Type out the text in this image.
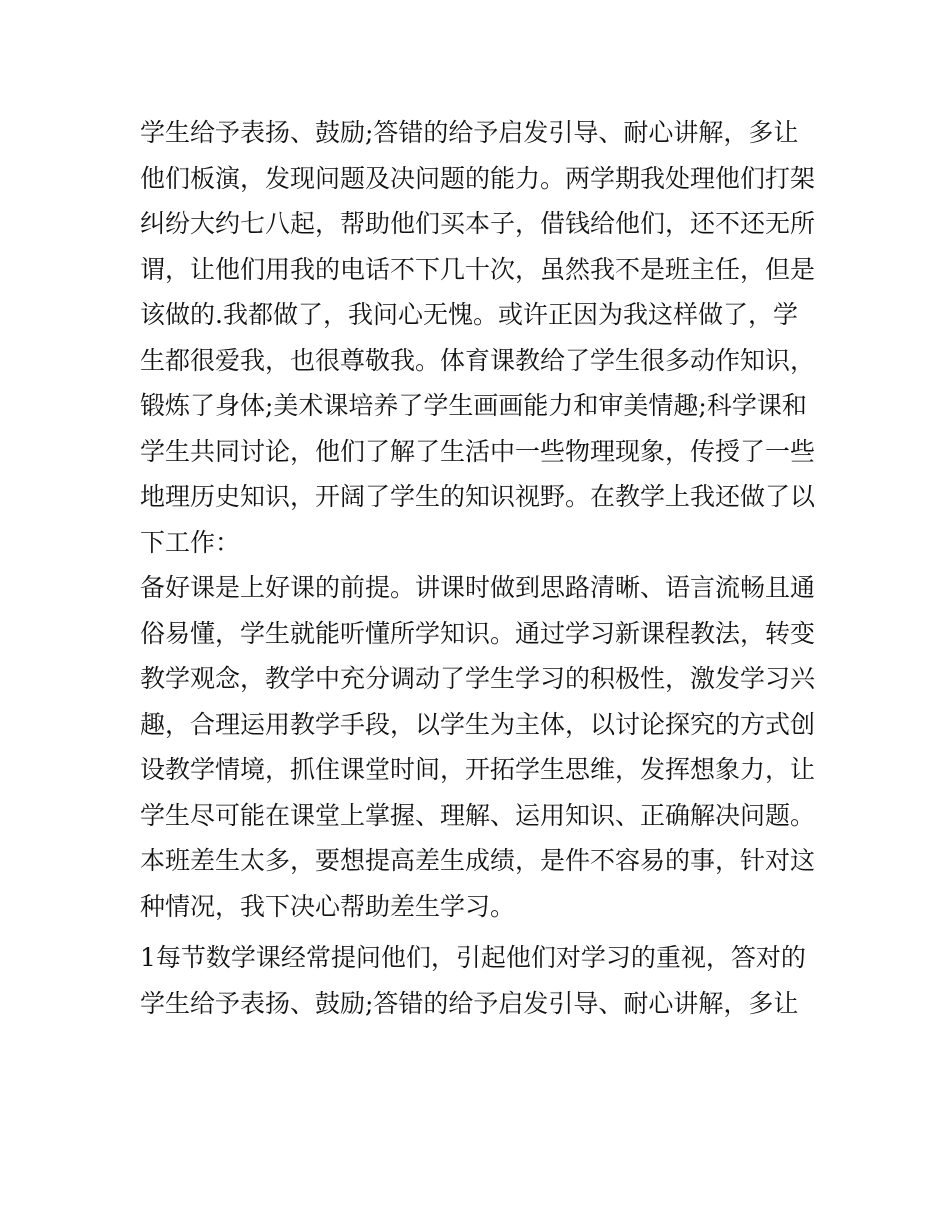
学生给予表扬、鼓励;答错的给予启发引导、耐心讲解，多让
他们板演，发现问题及决问题的能力。两学期我处理他们打架
纠纷大约七八起，帮助他们买本子，借钱给他们，还不还无所
谓，让他们用我的电话不下几十次，虽然我不是班主任，但是
该做的.我都做了，我问心无愧。或许正因为我这样做了，学
生都很爱我，也很尊敬我。体育课教给了学生很多动作知识，
锻炼了身体;美术课培养了学生画画能力和审美情趣;科学课和
学生共同讨论，他们了解了生活中一些物理现象，传授了一些
地理历史知识，开阔了学生的知识视野。在教学上我还做了以
下工作：
备好课是上好课的前提。讲课时做到思路清晰、语言流畅且通
俗易懂，学生就能听懂所学知识。通过学习新课程教法，转变
教学观念，教学中充分调动了学生学习的积极性，激发学习兴
趣，合理运用教学手段，以学生为主体，以讨论探究的方式创
设教学情境，抓住课堂时间，开拓学生思维，发挥想象力，让
学生尽可能在课堂上掌握、理解、运用知识、正确解决问题。
本班差生太多，要想提高差生成绩，是件不容易的事，针对这
种情况，我下决心帮助差生学习。
1每节数学课经常提问他们，引起他们对学习的重视，答对的
学生给予表扬、鼓励;答错的给予启发引导、耐心讲解，多让
